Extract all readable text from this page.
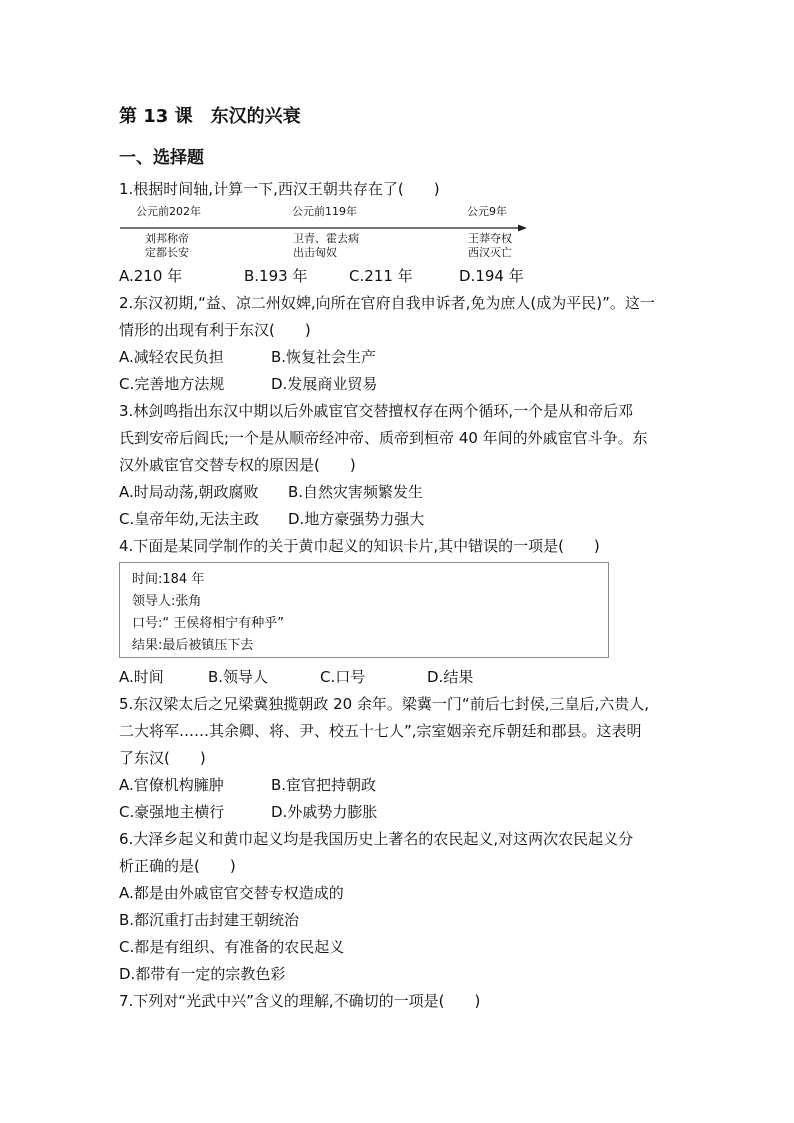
第 13 课　东汉的兴衰
一、选择题
1.根据时间轴,计算一下,西汉王朝共存在了(　　)
公元前202年	公元前119年	公元9年
刘邦称帝
定都长安
卫青、霍去病
出击匈奴
王莽夺权
西汉灭亡
A.210 年	B.193 年	C.211 年	D.194 年
2.东汉初期,“益、凉二州奴婢,向所在官府自我申诉者,免为庶人(成为平民)”。这一
情形的出现有利于东汉(　　)
A.减轻农民负担	B.恢复社会生产
C.完善地方法规	D.发展商业贸易
3.林剑鸣指出东汉中期以后外戚宦官交替擅权存在两个循环,一个是从和帝后邓
氏到安帝后阎氏;一个是从顺帝经冲帝、质帝到桓帝 40 年间的外戚宦官斗争。东
汉外戚宦官交替专权的原因是(　　)
A.时局动荡,朝政腐败 B.自然灾害频繁发生
C.皇帝年幼,无法主政 D.地方豪强势力强大
4.下面是某同学制作的关于黄巾起义的知识卡片,其中错误的一项是(　　)
时间:184 年
领导人:张角
口号:“ 王侯将相宁有种乎”
结果:最后被镇压下去
A.时间	B.领导人	C.口号	D.结果
5.东汉梁太后之兄梁冀独揽朝政 20 余年。梁冀一门“前后七封侯,三皇后,六贵人,
二大将军……其余卿、将、尹、校五十七人”,宗室姻亲充斥朝廷和郡县。这表明
了东汉(　　)
A.官僚机构臃肿	B.宦官把持朝政
C.豪强地主横行	D.外戚势力膨胀
6.大泽乡起义和黄巾起义均是我国历史上著名的农民起义,对这两次农民起义分
析正确的是(　　)
A.都是由外戚宦官交替专权造成的
B.都沉重打击封建王朝统治
C.都是有组织、有准备的农民起义
D.都带有一定的宗教色彩
7.下列对“光武中兴”含义的理解,不确切的一项是(　　)
